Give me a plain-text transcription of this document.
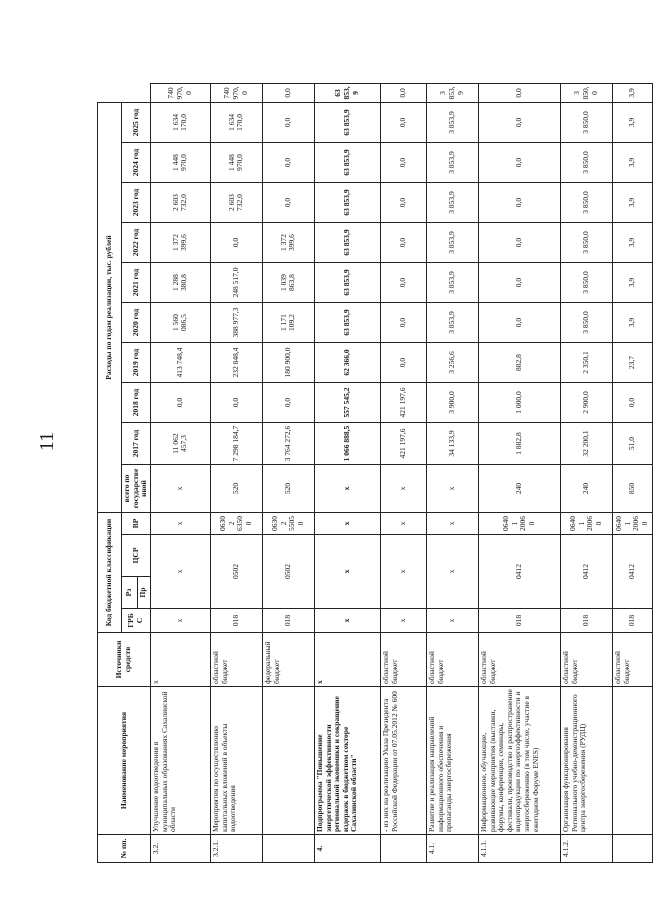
11
№ пп.	Наименование мероприятия	Источники средств	Код бюджетной классификации				Расходы по годам реализации, тыс. рублей										
			ГРБС	Рз	ЦСР	ВР	всего по государственной	2017 год	2018 год	2019 год	2020 год	2021 год	2022 год	2023 год	2024 год	2025 год	
				Пр													
3.2.	Улучшение водоотведения в муниципальных образованиях Сахалинской области	х	х	х		х	х	11 062 457,3	0,0	413 748,4	1 560 086,5	1 288 380,8	1 372 399,6	2 603 732,0	1 448 970,0	1 634 170,0	740 970,0
3.2.1.	Мероприятия по осуществлению капитальных вложений в объекты водоотведения	областной бюджет	018	0502		06302 63500	520	7 298 184,7	0,0	232 848,4	388 977,3	248 517,0	0,0	2 603 732,0	1 448 970,0	1 634 170,0	740 970,0
		федеральный бюджет	018	0502		06302 55050	520	3 764 272,6	0,0	180 900,0	1 171 109,2	1 039 863,8	1 372 399,6	0,0	0,0	0,0	0,0
4.	Подпрограмма "Повышение энергетической эффективности региональной экономики и сокращение издержек в бюджетном секторе Сахалинской области"	х	х	х		х	х	1 066 888,5	557 545,2	62 366,0	63 853,9	63 853,9	63 853,9	63 853,9	63 853,9	63 853,9	63 853,9
	- из них на реализацию Указа Президента Российской Федерации от 07.05.2012 № 600	областной бюджет	х	х		х	х	421 197,6	421 197,6	0,0	0,0	0,0	0,0	0,0	0,0	0,0	0,0
4.1.	Развитие и реализация направлений информационного обеспечения и пропаганды энергосбережения	областной бюджет	х	х		х	х	34 133,9	3 900,0	3 256,6	3 853,9	3 853,9	3 853,9	3 853,9	3 853,9	3 853,9	3 853,9
4.1.1.	Информационное, обучающие, развивающие мероприятия (выставки, форумы, конференции, семинары, фестивали, производство и распространение видеопродукции по энергоэффективности и энергосбережению (в том числе, участие в ежегодном Форуме ENES)	областной бюджет	018	0412		06401 20060	240	1 882,8	1 000,0	882,8	0,0	0,0	0,0	0,0	0,0	0,0	0,0
4.1.2.	Организация функционирования Регионального учебно-демонстрационного центра энергосбережения (РУДЦ)	областной бюджет	018	0412		06401 20060	240	32 200,1	2 900,0	2 350,1	3 850,0	3 850,0	3 850,0	3 850,0	3 850,0	3 850,0	3 850,0
		областной бюджет	018	0412		06401 20060	850	51,0	0,0	23,7	3,9	3,9	3,9	3,9	3,9	3,9	3,9
